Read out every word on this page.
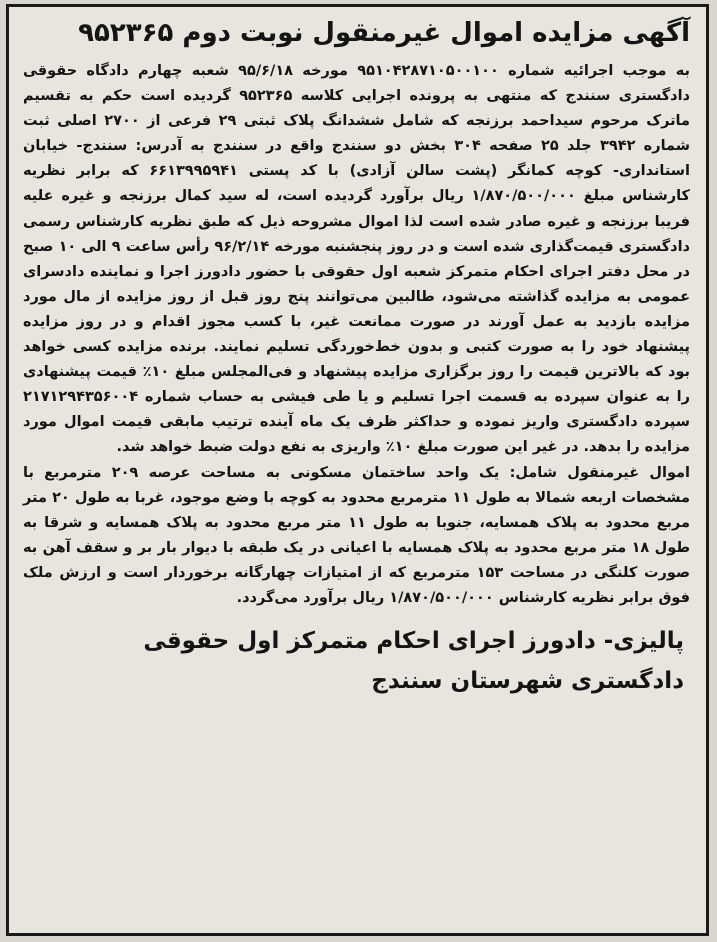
آگهی مزایده اموال غیرمنقول نوبت دوم ۹۵۲۳۶۵

به موجب اجرائیه شماره ۹۵۱۰۴۲۸۷۱۰۵۰۰۱۰۰ مورخه ۹۵/۶/۱۸ شعبه چهارم دادگاه حقوقی دادگستری سنندج که منتهی به پرونده اجرایی کلاسه ۹۵۲۳۶۵ گردیده است حکم به تقسیم ماترک مرحوم سیداحمد برزنجه که شامل ششدانگ پلاک ثبتی ۲۹ فرعی از ۲۷۰۰ اصلی ثبت شماره ۳۹۴۲ جلد ۲۵ صفحه ۳۰۴ بخش دو سنندج واقع در سنندج به آدرس: سنندج- خیابان استانداری- کوچه کمانگر (پشت سالن آزادی) با کد پستی ۶۶۱۳۹۹۵۹۴۱ که برابر نظریه کارشناس مبلغ ۱/۸۷۰/۵۰۰/۰۰۰ ریال برآورد گردیده است، له سید کمال برزنجه و غیره علیه فریبا برزنجه و غیره صادر شده است لذا اموال مشروحه ذیل که طبق نظریه کارشناس رسمی دادگستری قیمت‌گذاری شده است و در روز پنجشنبه مورخه ۹۶/۲/۱۴ رأس ساعت ۹ الی ۱۰ صبح در محل دفتر اجرای احکام متمرکز شعبه اول حقوقی با حضور دادورز اجرا و نماینده دادسرای عمومی به مزایده گذاشته می‌شود، طالبین می‌توانند پنج روز قبل از روز مزایده از مال مورد مزایده بازدید به عمل آورند در صورت ممانعت غیر، با کسب مجوز اقدام و در روز مزایده پیشنهاد خود را به صورت کتبی و بدون خط‌خوردگی تسلیم نمایند. برنده مزایده کسی خواهد بود که بالاترین قیمت را روز برگزاری مزایده پیشنهاد و فی‌المجلس مبلغ ۱۰٪ قیمت پیشنهادی را به عنوان سپرده به قسمت اجرا تسلیم و یا طی فیشی به حساب شماره ۲۱۷۱۲۹۴۳۵۶۰۰۴ سپرده دادگستری واریز نموده و حداکثر ظرف یک ماه آینده ترتیب مابقی قیمت اموال مورد مزایده را بدهد. در غیر این صورت مبلغ ۱۰٪ واریزی به نفع دولت ضبط خواهد شد.

اموال غیرمنقول شامل: یک واحد ساختمان مسکونی به مساحت عرصه ۲۰۹ مترمربع با مشخصات اربعه شمالا به طول ۱۱ مترمربع محدود به کوچه با وضع موجود، غربا به طول ۲۰ متر مربع محدود به پلاک همسایه، جنوبا به طول ۱۱ متر مربع محدود به پلاک همسایه و شرقا به طول ۱۸ متر مربع محدود به پلاک همسایه با اعیانی در یک طبقه با دیوار بار بر و سقف آهن به صورت کلنگی در مساحت ۱۵۳ مترمربع که از امتیازات چهارگانه برخوردار است و ارزش ملک فوق برابر نظریه کارشناس ۱/۸۷۰/۵۰۰/۰۰۰ ریال برآورد می‌گردد.

پالیزی- دادورز اجرای احکام متمرکز اول حقوقی
دادگستری شهرستان سنندج
